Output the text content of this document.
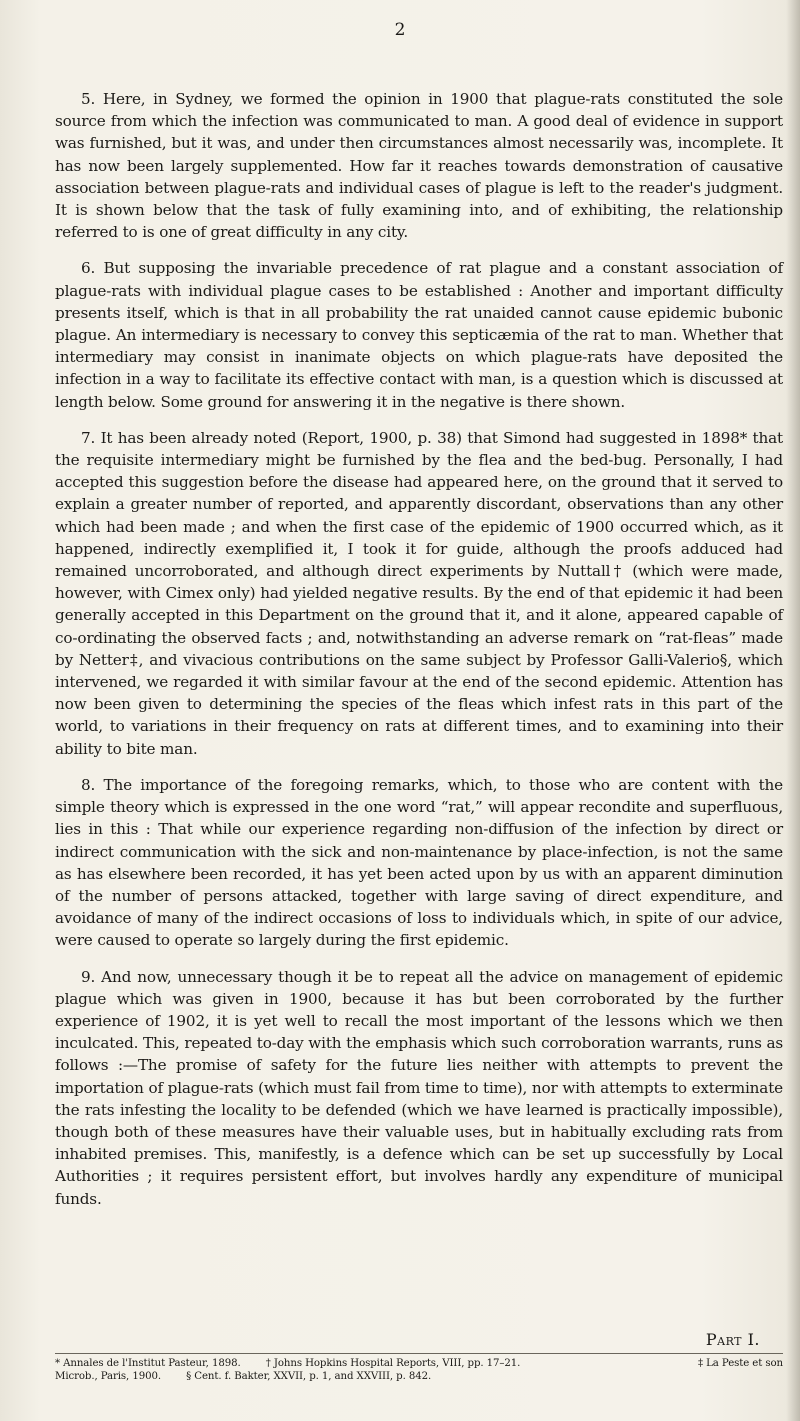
2

5. Here, in Sydney, we formed the opinion in 1900 that plague-rats constituted the sole source from which the infection was communicated to man. A good deal of evidence in support was furnished, but it was, and under then circumstances almost necessarily was, incomplete. It has now been largely supplemented. How far it reaches towards demonstration of causative association between plague-rats and individual cases of plague is left to the reader's judgment. It is shown below that the task of fully examining into, and of exhibiting, the relationship referred to is one of great difficulty in any city.

6. But supposing the invariable precedence of rat plague and a constant association of plague-rats with individual plague cases to be established : Another and important difficulty presents itself, which is that in all probability the rat unaided cannot cause epidemic bubonic plague. An intermediary is necessary to convey this septicæmia of the rat to man. Whether that intermediary may consist in inanimate objects on which plague-rats have deposited the infection in a way to facilitate its effective contact with man, is a question which is discussed at length below. Some ground for answering it in the negative is there shown.

7. It has been already noted (Report, 1900, p. 38) that Simond had suggested in 1898* that the requisite intermediary might be furnished by the flea and the bed-bug. Personally, I had accepted this suggestion before the disease had appeared here, on the ground that it served to explain a greater number of reported, and apparently discordant, observations than any other which had been made ; and when the first case of the epidemic of 1900 occurred which, as it happened, indirectly exemplified it, I took it for guide, although the proofs adduced had remained uncorroborated, and although direct experiments by Nuttall† (which were made, however, with Cimex only) had yielded negative results. By the end of that epidemic it had been generally accepted in this Department on the ground that it, and it alone, appeared capable of co-ordinating the observed facts ; and, notwithstanding an adverse remark on “rat-fleas” made by Netter‡, and vivacious contributions on the same subject by Professor Galli-Valerio§, which intervened, we regarded it with similar favour at the end of the second epidemic. Attention has now been given to determining the species of the fleas which infest rats in this part of the world, to variations in their frequency on rats at different times, and to examining into their ability to bite man.

8. The importance of the foregoing remarks, which, to those who are content with the simple theory which is expressed in the one word “rat,” will appear recondite and superfluous, lies in this : That while our experience regarding non-diffusion of the infection by direct or indirect communication with the sick and non-maintenance by place-infection, is not the same as has elsewhere been recorded, it has yet been acted upon by us with an apparent diminution of the number of persons attacked, together with large saving of direct expenditure, and avoidance of many of the indirect occasions of loss to individuals which, in spite of our advice, were caused to operate so largely during the first epidemic.

9. And now, unnecessary though it be to repeat all the advice on management of epidemic plague which was given in 1900, because it has but been corroborated by the further experience of 1902, it is yet well to recall the most important of the lessons which we then inculcated. This, repeated to-day with the emphasis which such corroboration warrants, runs as follows :—The promise of safety for the future lies neither with attempts to prevent the importation of plague-rats (which must fail from time to time), nor with attempts to exterminate the rats infesting the locality to be defended (which we have learned is practically impossible), though both of these measures have their valuable uses, but in habitually excluding rats from inhabited premises. This, manifestly, is a defence which can be set up successfully by Local Authorities ; it requires persistent effort, but involves hardly any expenditure of municipal funds.

Part I.
* Annales de l'Institut Pasteur, 1898. † Johns Hopkins Hospital Reports, VIII, pp. 17–21.	‡ La Peste et son
Microb., Paris, 1900. § Cent. f. Bakter, XXVII, p. 1, and XXVIII, p. 842.
